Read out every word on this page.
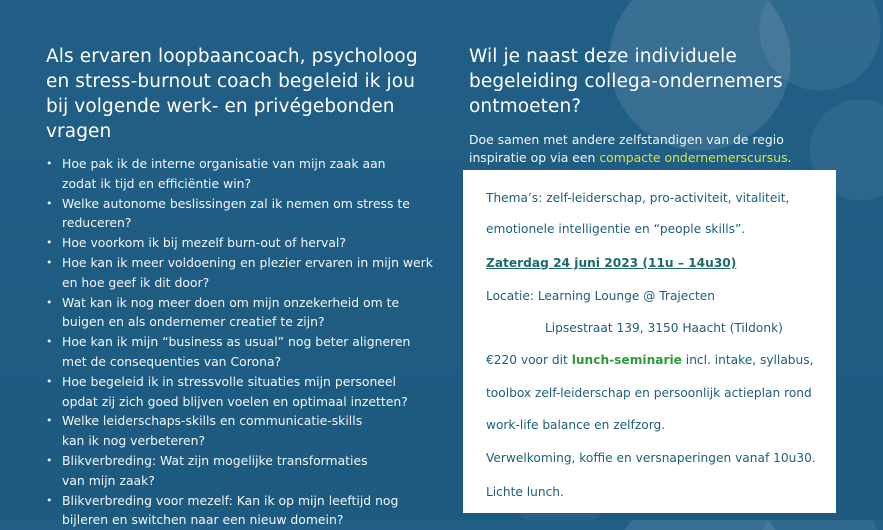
Als ervaren loopbaancoach, psycholoog
en stress-burnout coach begeleid ik jou
bij volgende werk- en privégebonden vragen
• Hoe pak ik de interne organisatie van mijn zaak aan
zodat ik tijd en efficiëntie win?
• Welke autonome beslissingen zal ik nemen om stress te
reduceren?
• Hoe voorkom ik bij mezelf burn-out of herval?
• Hoe kan ik meer voldoening en plezier ervaren in mijn werk
en hoe geef ik dit door?
• Wat kan ik nog meer doen om mijn onzekerheid om te
buigen en als ondernemer creatief te zijn?
• Hoe kan ik mijn “business as usual” nog beter aligneren
met de consequenties van Corona?
• Hoe begeleid ik in stressvolle situaties mijn personeel
opdat zij zich goed blijven voelen en optimaal inzetten?
• Welke leiderschaps-skills en communicatie-skills
kan ik nog verbeteren?
• Blikverbreding: Wat zijn mogelijke transformaties
van mijn zaak?
• Blikverbreding voor mezelf: Kan ik op mijn leeftijd nog
bijleren en switchen naar een nieuw domein?
Wil je naast deze individuele
begeleiding collega-ondernemers
ontmoeten?
Doe samen met andere zelfstandigen van de regio
inspiratie op via een compacte ondernemerscursus.
Thema’s: zelf-leiderschap, pro-activiteit, vitaliteit,
emotionele intelligentie en “people skills”.
Zaterdag 24 juni 2023 (11u – 14u30)
Locatie: Learning Lounge @ Trajecten
Lipsestraat 139, 3150 Haacht (Tildonk)
€220 voor dit lunch-seminarie incl. intake, syllabus,
toolbox zelf-leiderschap en persoonlijk actieplan rond
work-life balance en zelfzorg.
Verwelkoming, koffie en versnaperingen vanaf 10u30.
Lichte lunch.
